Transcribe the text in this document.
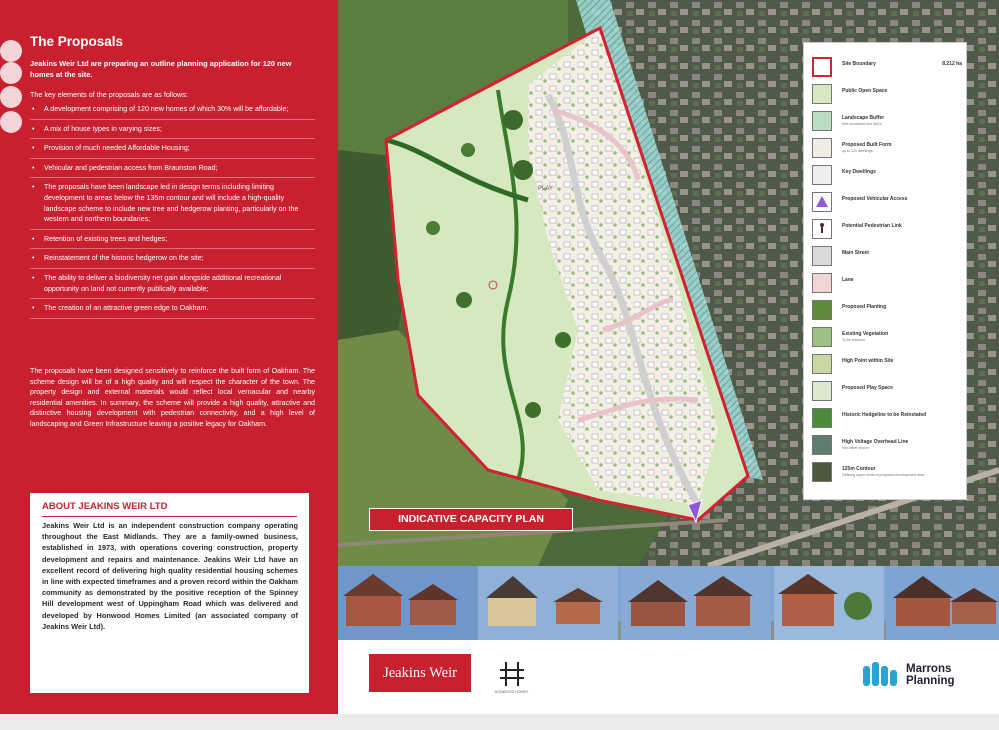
The Proposals
Jeakins Weir Ltd are preparing an outline planning application for 120 new homes at the site.
The key elements of the proposals are as follows:
• A development comprising of 120 new homes of which 30% will be affordable;
• A mix of house types in varying sizes;
• Provision of much needed Affordable Housing;
• Vehicular and pedestrian access from Braunston Road;
• The proposals have been landscape led in design terms including limiting development to areas below the 135m contour and will include a high-quality landscape scheme to include new tree and hedgerow planting, particularly on the western and northern boundaries;
• Retention of existing trees and hedges;
• Reinstatement of the historic hedgerow on the site;
• The ability to deliver a biodiversity net gain alongside additional recreational opportunity on land not currently publically available;
• The creation of an attractive green edge to Oakham.
The proposals have been designed sensitively to reinforce the built form of Oakham. The scheme design will be of a high quality and will respect the character of the town. The property design and external materials would reflect local vernacular and nearby residential amenities. In summary, the scheme will provide a high quality, attractive and distinctive housing development with pedestrian connectivity, and a high level of landscaping and Green Infrastructure leaving a positive legacy for Oakham.
ABOUT JEAKINS WEIR LTD

Jeakins Weir Ltd is an independent construction company operating throughout the East Midlands. They are a family-owned business, established in 1973, with operations covering construction, property development and repairs and maintenance. Jeakins Weir Ltd have an excellent record of delivering high quality residential housing schemes in line with expected timeframes and a proven record within the Oakham community as demonstrated by the positive reception of the Spinney Hill development west of Uppingham Road which was delivered and developed by Honwood Homes Limited (an associated company of Jeakins Weir Ltd).

PLAY
INDICATIVE CAPACITY PLAN
Site Boundary	8.212 ha
Public Open Space
Landscape Buffer
Wet woodland and SuDs
Proposed Built Form
up to 120 dwellings
Key Dwellings
Proposed Vehicular Access
Potential Pedestrian Link
Main Street
Lane
Proposed Planting
Existing Vegetation
To be retained
High Point within Site
Proposed Play Space
Historic Hedgeline to be Reinstated
High Voltage Overhead Line
Not offset shown
125m Contour
Defining upper limits of proposed development area
Jeakins Weir
HONWOOD HOMES
Marrons
Planning
